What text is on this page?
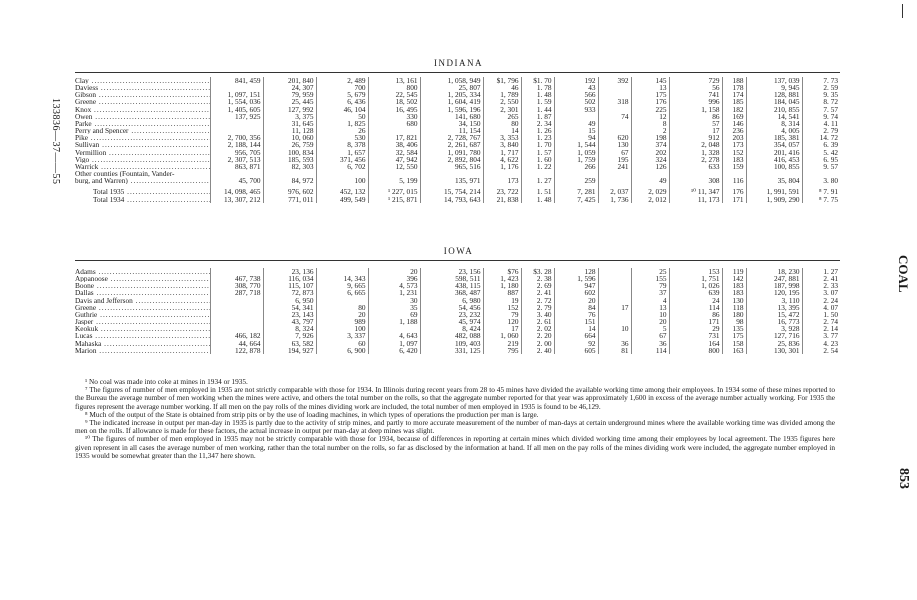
133836—37——55
COAL
853
INDIANA
Clay .....	841, 459	201, 840	2, 489	13, 161	1, 058, 949	$1, 796	$1. 70	192	392	145	729	188	137, 039	7. 73
Daviess .....		24, 307	700	800	25, 807	46	1. 78	43		13	56	178	9, 945	2. 59
Gibson .....	1, 097, 151	79, 959	5, 679	22, 545	1, 205, 334	1, 789	1. 48	566		175	741	174	128, 881	9. 35
Greene .....	1, 554, 036	25, 445	6, 436	18, 502	1, 604, 419	2, 550	1. 59	502	318	176	996	185	184, 045	8. 72
Knox .....	1, 405, 605	127, 992	46, 104	16, 495	1, 596, 196	2, 301	1. 44	933		225	1, 158	182	210, 855	7. 57
Owen .....	137, 925	3, 375	50	330	141, 680	265	1. 87		74	12	86	169	14, 541	9. 74
Parke .....		31, 645	1, 825	680	34, 150	80	2. 34	49		8	57	146	8, 314	4. 11
Perry and Spencer .....		11, 128	26		11, 154	14	1. 26	15		2	17	236	4, 005	2. 79
Pike .....	2, 700, 356	10, 060	530	17, 821	2, 728, 767	3, 353	1. 23	94	620	198	912	203	185, 381	14. 72
Sullivan .....	2, 188, 144	26, 759	8, 378	38, 406	2, 261, 687	3, 840	1. 70	1, 544	130	374	2, 048	173	354, 057	6. 39
Vermillion .....	956, 705	100, 834	1, 657	32, 584	1, 091, 780	1, 717	1. 57	1, 059	67	202	1, 328	152	201, 416	5. 42
Vigo .....	2, 307, 513	185, 593	371, 456	47, 942	2, 892, 804	4, 622	1. 60	1, 759	195	324	2, 278	183	416, 453	6. 95
Warrick .....	863, 871	82, 303	6, 702	12, 550	965, 516	1, 176	1. 22	266	241	126	633	159	100, 855	9. 57
Other counties (Fountain, Vander-														
burg, and Warren) .....	45, 700	84, 972	100	5, 199	135, 971	173	1. 27	259		49	308	116	35, 804	3. 80
Total 1935 .....	14, 098, 465	976, 602	452, 132	¹ 227, 015	15, 754, 214	23, 722	1. 51	7, 281	2, 037	2, 029	¹⁰ 11, 347	176	1, 991, 591	⁸ 7. 91
Total 1934 .....	13, 307, 212	771, 011	499, 549	¹ 215, 871	14, 793, 643	21, 838	1. 48	7, 425	1, 736	2, 012	11, 173	171	1, 909, 290	⁸ 7. 75
IOWA
Adams .....		23, 136		20	23, 156	$76	$3. 28	128		25	153	119	18, 230	1. 27
Appanoose .....	467, 738	116, 034	14, 343	396	598, 511	1, 423	2. 38	1, 596		155	1, 751	142	247, 881	2. 41
Boone .....	308, 770	115, 107	9, 665	4, 573	438, 115	1, 180	2. 69	947		79	1, 026	183	187, 998	2. 33
Dallas .....	287, 718	72, 873	6, 665	1, 231	368, 487	887	2. 41	602		37	639	183	120, 195	3. 07
Davis and Jefferson .....		6, 950		30	6, 980	19	2. 72	20		4	24	130	3, 110	2. 24
Greene .....		54, 341	80	35	54, 456	152	2. 79	84	17	13	114	118	13, 395	4. 07
Guthrie .....		23, 143	20	69	23, 232	79	3. 40	76		10	86	180	15, 472	1. 50
Jasper .....		43, 797	989	1, 188	45, 974	120	2. 61	151		20	171	98	16, 773	2. 74
Keokuk .....		8, 324	100		8, 424	17	2. 02	14	10	5	29	135	3, 928	2. 14
Lucas .....	466, 182	7, 926	3, 337	4, 643	482, 088	1, 060	2. 20	664		67	731	175	127, 716	3. 77
Mahaska .....	44, 664	63, 582	60	1, 097	109, 403	219	2. 00	92	36	36	164	158	25, 836	4. 23
Marion .....	122, 878	194, 927	6, 900	6, 420	331, 125	795	2. 40	605	81	114	800	163	130, 301	2. 54

¹ No coal was made into coke at mines in 1934 or 1935.

⁷ The figures of number of men employed in 1935 are not strictly comparable with those for 1934. In Illinois during recent years from 28 to 45 mines have divided the available working time among their employees. In 1934 some of these mines reported to the Bureau the average number of men working when the mines were active, and others the total number on the rolls, so that the aggregate number reported for that year was approximately 1,600 in excess of the average number actually working. For 1935 the figures represent the average number working. If all men on the pay rolls of the mines dividing work are included, the total number of men employed in 1935 is found to be 46,129.

⁸ Much of the output of the State is obtained from strip pits or by the use of loading machines, in which types of operations the production per man is large.

⁹ The indicated increase in output per man-day in 1935 is partly due to the activity of strip mines, and partly to more accurate measurement of the number of man-days at certain underground mines where the available working time was divided among the men on the rolls. If allowance is made for these factors, the actual increase in output per man-day at deep mines was slight.

¹⁰ The figures of number of men employed in 1935 may not be strictly comparable with those for 1934, because of differences in reporting at certain mines which divided working time among their employees by local agreement. The 1935 figures here given represent in all cases the average number of men working, rather than the total number on the rolls, so far as disclosed by the information at hand. If all men on the pay rolls of the mines dividing work were included, the aggregate number employed in 1935 would be somewhat greater than the 11,347 here shown.
